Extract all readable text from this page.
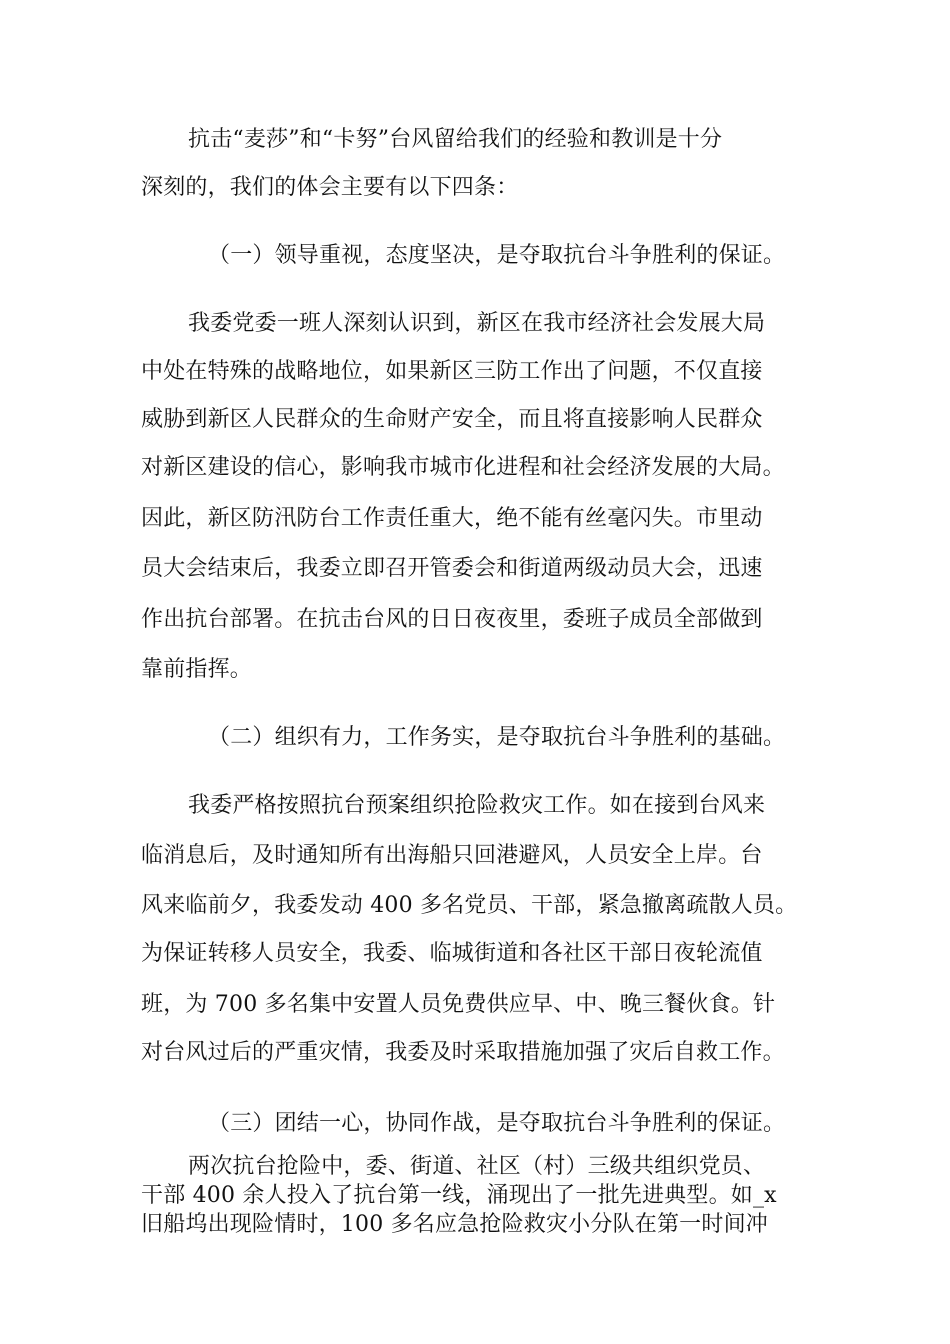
抗击“麦莎”和“卡努”台风留给我们的经验和教训是十分
深刻的，我们的体会主要有以下四条：
（一）领导重视，态度坚决，是夺取抗台斗争胜利的保证。
我委党委一班人深刻认识到，新区在我市经济社会发展大局
中处在特殊的战略地位，如果新区三防工作出了问题，不仅直接
威胁到新区人民群众的生命财产安全，而且将直接影响人民群众
对新区建设的信心，影响我市城市化进程和社会经济发展的大局。
因此，新区防汛防台工作责任重大，绝不能有丝毫闪失。市里动
员大会结束后，我委立即召开管委会和街道两级动员大会，迅速
作出抗台部署。在抗击台风的日日夜夜里，委班子成员全部做到
靠前指挥。
（二）组织有力，工作务实，是夺取抗台斗争胜利的基础。
我委严格按照抗台预案组织抢险救灾工作。如在接到台风来
临消息后，及时通知所有出海船只回港避风，人员安全上岸。台
风来临前夕，我委发动 400 多名党员、干部，紧急撤离疏散人员。
为保证转移人员安全，我委、临城街道和各社区干部日夜轮流值
班，为 700 多名集中安置人员免费供应早、中、晚三餐伙食。针
对台风过后的严重灾情，我委及时采取措施加强了灾后自救工作。
（三）团结一心，协同作战，是夺取抗台斗争胜利的保证。
两次抗台抢险中，委、街道、社区（村）三级共组织党员、
干部 400 余人投入了抗台第一线，涌现出了一批先进典型。如_x
旧船坞出现险情时，100 多名应急抢险救灾小分队在第一时间冲
